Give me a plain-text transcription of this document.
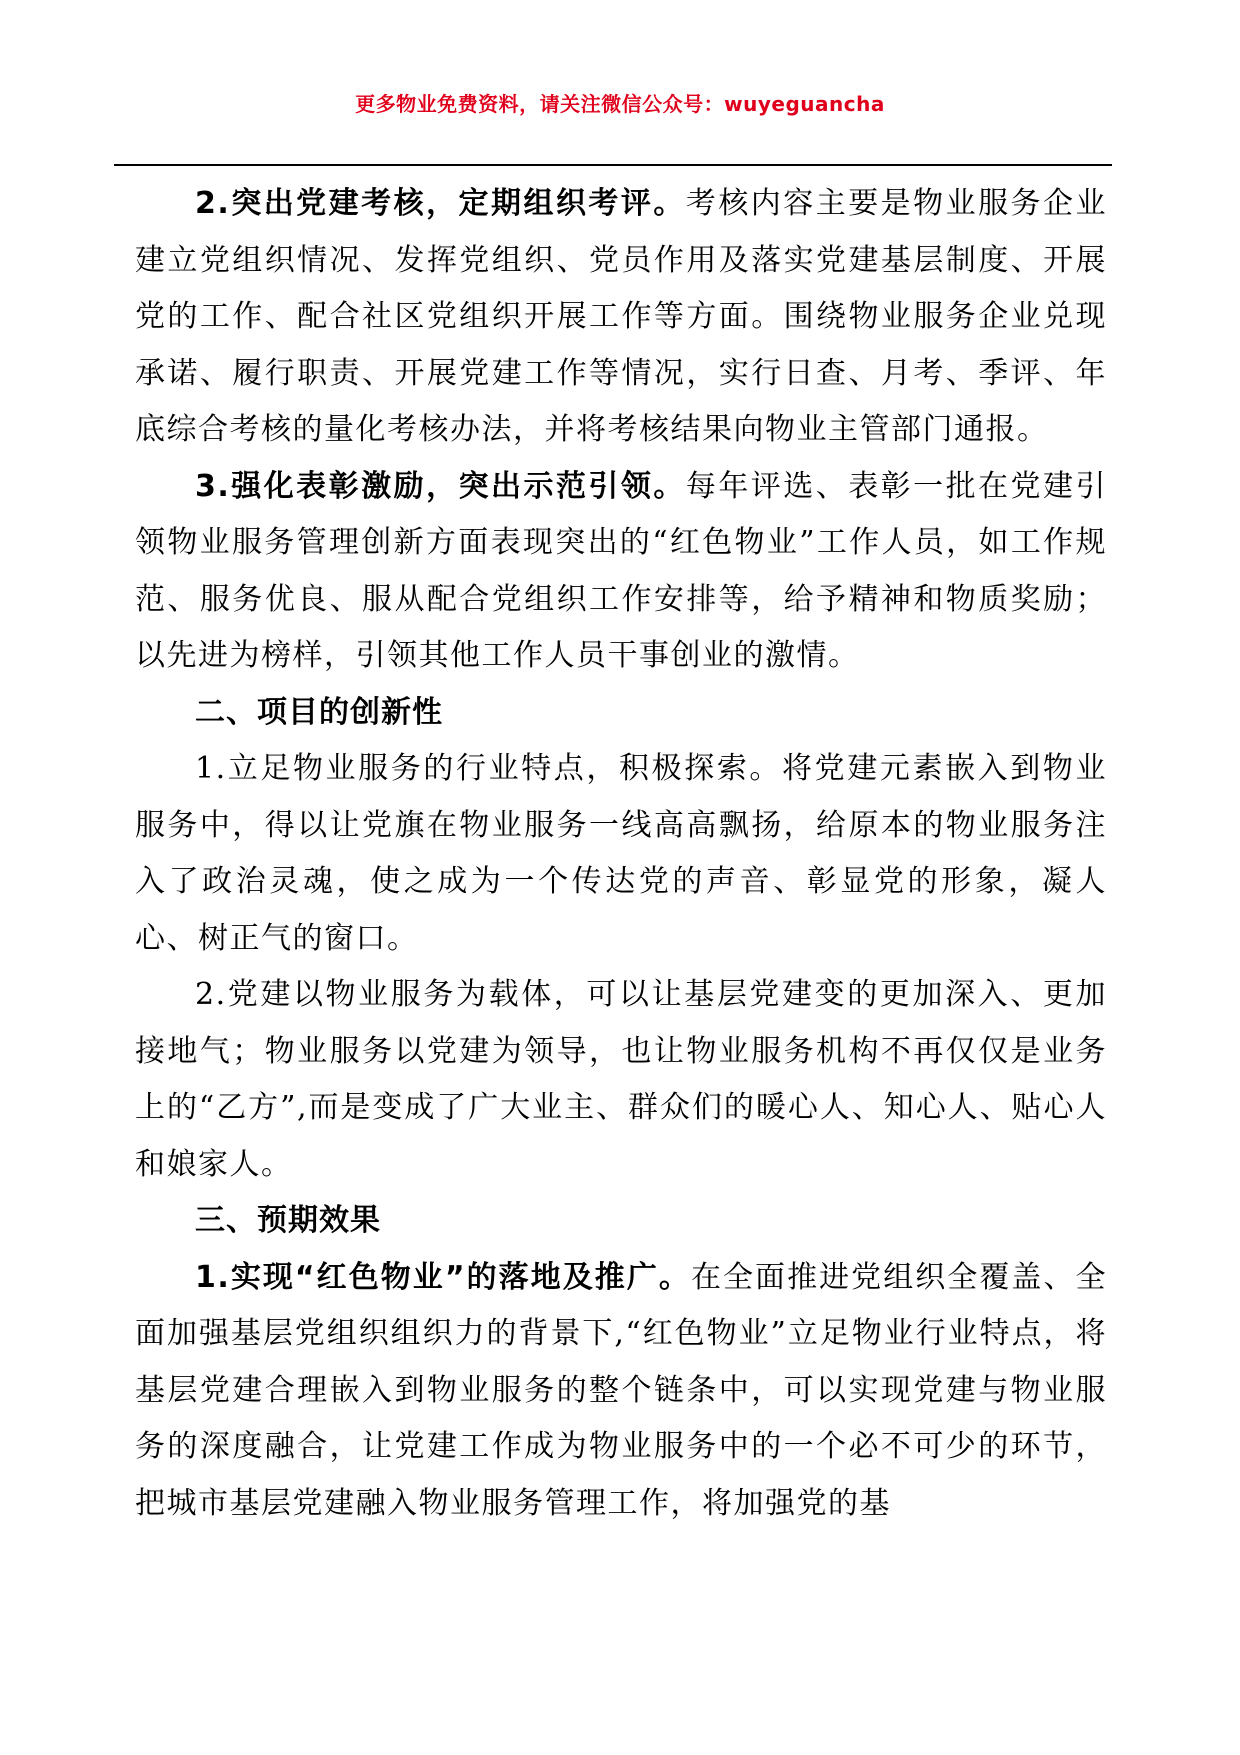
更多物业免费资料，请关注微信公众号：wuyeguancha

2.突出党建考核，定期组织考评。考核内容主要是物业服务企业建立党组织情况、发挥党组织、党员作用及落实党建基层制度、开展党的工作、配合社区党组织开展工作等方面。围绕物业服务企业兑现承诺、履行职责、开展党建工作等情况，实行日查、月考、季评、年底综合考核的量化考核办法，并将考核结果向物业主管部门通报。

3.强化表彰激励，突出示范引领。每年评选、表彰一批在党建引领物业服务管理创新方面表现突出的“红色物业”工作人员，如工作规范、服务优良、服从配合党组织工作安排等，给予精神和物质奖励；以先进为榜样，引领其他工作人员干事创业的激情。

二、项目的创新性

1.立足物业服务的行业特点，积极探索。将党建元素嵌入到物业服务中，得以让党旗在物业服务一线高高飘扬，给原本的物业服务注入了政治灵魂，使之成为一个传达党的声音、彰显党的形象，凝人心、树正气的窗口。

2.党建以物业服务为载体，可以让基层党建变的更加深入、更加接地气；物业服务以党建为领导，也让物业服务机构不再仅仅是业务上的“乙方”,而是变成了广大业主、群众们的暖心人、知心人、贴心人和娘家人。

三、预期效果

1.实现“红色物业”的落地及推广。在全面推进党组织全覆盖、全面加强基层党组织组织力的背景下,“红色物业”立足物业行业特点，将基层党建合理嵌入到物业服务的整个链条中，可以实现党建与物业服务的深度融合，让党建工作成为物业服务中的一个必不可少的环节，把城市基层党建融入物业服务管理工作，将加强党的基
